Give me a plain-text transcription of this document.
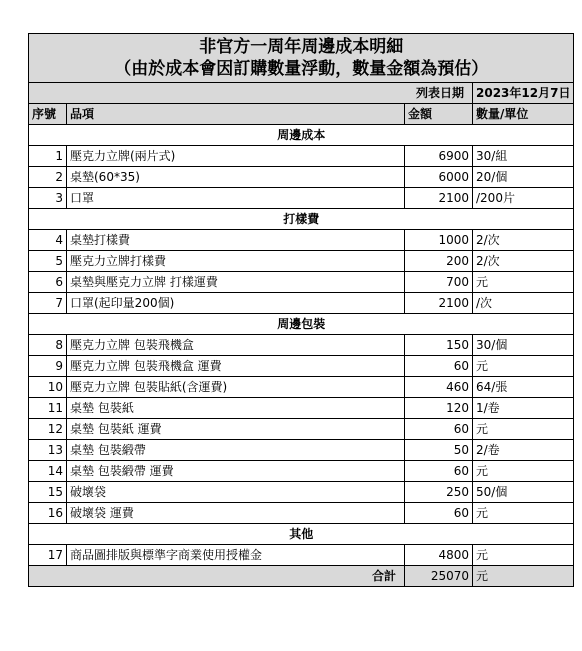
非官方一周年周邊成本明細
（由於成本會因訂購數量浮動，數量金額為預估）			

列表日期			2023年12月7日
序號	品項	金額	數量/單位
周邊成本			
1	壓克力立牌(兩片式)	6900	30/組
2	桌墊(60*35)	6000	20/個
3	口罩	2100	/200片
打樣費			
4	桌墊打樣費	1000	2/次
5	壓克力立牌打樣費	200	2/次
6	桌墊與壓克力立牌 打樣運費	700	元
7	口罩(起印量200個)	2100	/次
周邊包裝			
8	壓克力立牌 包裝飛機盒	150	30/個
9	壓克力立牌 包裝飛機盒 運費	60	元
10	壓克力立牌 包裝貼紙(含運費)	460	64/張
11	桌墊 包裝紙	120	1/卷
12	桌墊 包裝紙 運費	60	元
13	桌墊 包裝緞帶	50	2/卷
14	桌墊 包裝緞帶 運費	60	元
15	破壞袋	250	50/個
16	破壞袋 運費	60	元
其他			
17	商品圖排版與標準字商業使用授權金	4800	元
合計		25070	元
